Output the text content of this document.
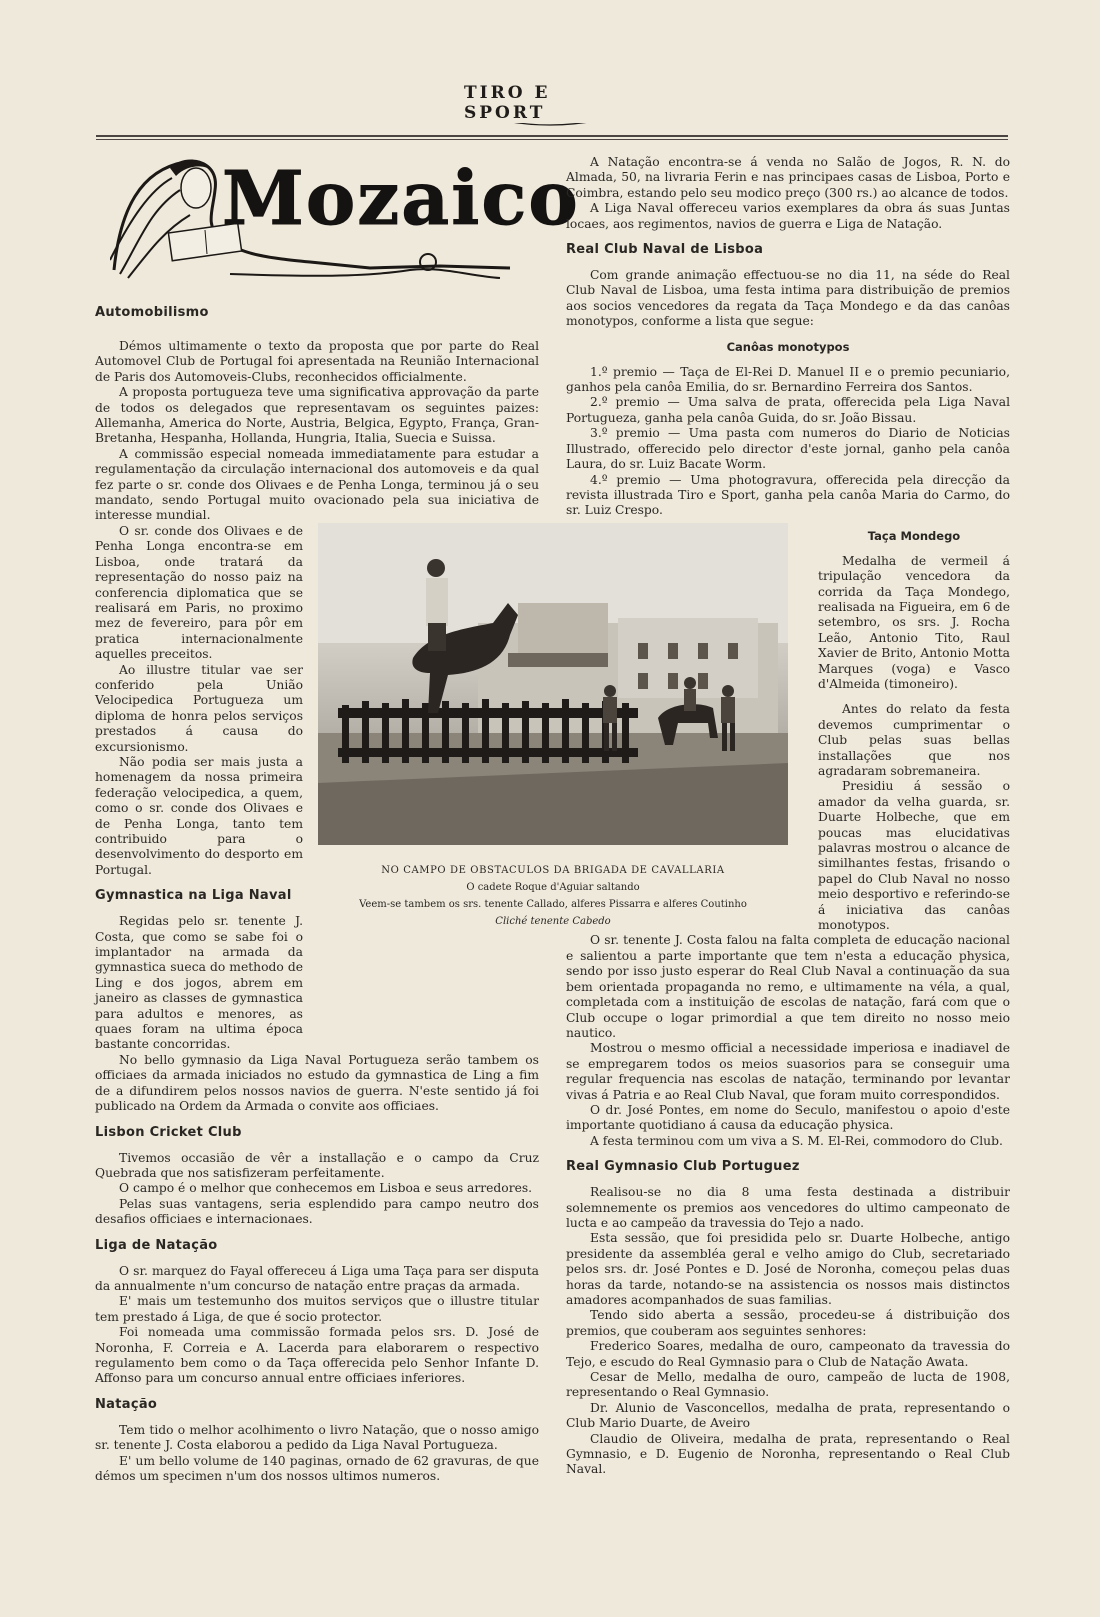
TIRO E SPORT
Mozaico
Automobilismo

Démos ultimamente o texto da proposta que por parte do Real Automovel Club de Portugal foi apresentada na Reunião Internacional de Paris dos Automoveis-Clubs, reconhecidos officialmente.

A proposta portugueza teve uma significativa approvação da parte de todos os delegados que representavam os seguintes paizes: Allemanha, America do Norte, Austria, Belgica, Egypto, França, Gran-Bretanha, Hespanha, Hollanda, Hungria, Italia, Suecia e Suissa.

A commissão especial nomeada immediatamente para estudar a regulamentação da circulação internacional dos automoveis e da qual fez parte o sr. conde dos Olivaes e de Penha Longa, terminou já o seu mandato, sendo Portugal muito ovacionado pela sua iniciativa de interesse mundial.

O sr. conde dos Olivaes e de Penha Longa encontra-se em Lisboa, onde tratará da representação do nosso paiz na conferencia diplomatica que se realisará em Paris, no proximo mez de fevereiro, para pôr em pratica internacionalmente aquelles preceitos.

Ao illustre titular vae ser conferido pela União Velocipedica Portugueza um diploma de honra pelos serviços prestados á causa do excursionismo.

Não podia ser mais justa a homenagem da nossa primeira federação velocipedica, a quem, como o sr. conde dos Olivaes e de Penha Longa, tanto tem contribuido para o desenvolvimento do desporto em Portugal.

Gymnastica na Liga Naval

Regidas pelo sr. tenente J. Costa, que como se sabe foi o implantador na armada da gymnastica sueca do methodo de Ling e dos jogos, abrem em janeiro as classes de gymnastica para adultos e menores, as quaes foram na ultima época bastante concorridas.

No bello gymnasio da Liga Naval Portugueza serão tambem os officiaes da armada iniciados no estudo da gymnastica de Ling a fim de a difundirem pelos nossos navios de guerra. N'este sentido já foi publicado na Ordem da Armada o convite aos officiaes.

Lisbon Cricket Club

Tivemos occasião de vêr a installação e o campo da Cruz Quebrada que nos satisfizeram perfeitamente.

O campo é o melhor que conhecemos em Lisboa e seus arredores.

Pelas suas vantagens, seria esplendido para campo neutro dos desafios officiaes e internacionaes.

Liga de Natação

O sr. marquez do Fayal offereceu á Liga uma Taça para ser disputa da annualmente n'um concurso de natação entre praças da armada.

E' mais um testemunho dos muitos serviços que o illustre titular tem prestado á Liga, de que é socio protector.

Foi nomeada uma commissão formada pelos srs. D. José de Noronha, F. Correia e A. Lacerda para elaborarem o respectivo regulamento bem como o da Taça offerecida pelo Senhor Infante D. Affonso para um concurso annual entre officiaes inferiores.

Natação

Tem tido o melhor acolhimento o livro Natação, que o nosso amigo sr. tenente J. Costa elaborou a pedido da Liga Naval Portugueza.

E' um bello volume de 140 paginas, ornado de 62 gravuras, de que démos um specimen n'um dos nossos ultimos numeros.

NO CAMPO DE OBSTACULOS DA BRIGADA DE CAVALLARIA
O cadete Roque d'Aguiar saltando
Veem-se tambem os srs. tenente Callado, alferes Pissarra e alferes Coutinho
Cliché tenente Cabedo

A Natação encontra-se á venda no Salão de Jogos, R. N. do Almada, 50, na livraria Ferin e nas principaes casas de Lisboa, Porto e Coimbra, estando pelo seu modico preço (300 rs.) ao alcance de todos.

A Liga Naval offereceu varios exemplares da obra ás suas Juntas locaes, aos regimentos, navios de guerra e Liga de Natação.

Real Club Naval de Lisboa

Com grande animação effectuou-se no dia 11, na séde do Real Club Naval de Lisboa, uma festa intima para distribuição de premios aos socios vencedores da regata da Taça Mondego e da das canôas monotypos, conforme a lista que segue:

Canôas monotypos

1.º premio — Taça de El-Rei D. Manuel II e o premio pecuniario, ganhos pela canôa Emilia, do sr. Bernardino Ferreira dos Santos.

2.º premio — Uma salva de prata, offerecida pela Liga Naval Portugueza, ganha pela canôa Guida, do sr. João Bissau.

3.º premio — Uma pasta com numeros do Diario de Noticias Illustrado, offerecido pelo director d'este jornal, ganho pela canôa Laura, do sr. Luiz Bacate Worm.

4.º premio — Uma photogravura, offerecida pela direcção da revista illustrada Tiro e Sport, ganha pela canôa Maria do Carmo, do sr. Luiz Crespo.

Taça Mondego

Medalha de vermeil á tripulação vencedora da corrida da Taça Mondego, realisada na Figueira, em 6 de setembro, os srs. J. Rocha Leão, Antonio Tito, Raul Xavier de Brito, Antonio Motta Marques (voga) e Vasco d'Almeida (timoneiro).

Antes do relato da festa devemos cumprimentar o Club pelas suas bellas installações que nos agradaram sobremaneira.

Presidiu á sessão o amador da velha guarda, sr. Duarte Holbeche, que em poucas mas elucidativas palavras mostrou o alcance de similhantes festas, frisando o papel do Club Naval no nosso meio desportivo e referindo-se á iniciativa das canôas monotypos.

O sr. tenente J. Costa falou na falta completa de educação nacional e salientou a parte importante que tem n'esta a educação physica, sendo por isso justo esperar do Real Club Naval a continuação da sua bem orientada propaganda no remo, e ultimamente na véla, a qual, completada com a instituição de escolas de natação, fará com que o Club occupe o logar primordial a que tem direito no nosso meio nautico.

Mostrou o mesmo official a necessidade imperiosa e inadiavel de se empregarem todos os meios suasorios para se conseguir uma regular frequencia nas escolas de natação, terminando por levantar vivas á Patria e ao Real Club Naval, que foram muito correspondidos.

O dr. José Pontes, em nome do Seculo, manifestou o apoio d'este importante quotidiano á causa da educação physica.

A festa terminou com um viva a S. M. El-Rei, commodoro do Club.

Real Gymnasio Club Portuguez

Realisou-se no dia 8 uma festa destinada a distribuir solemnemente os premios aos vencedores do ultimo campeonato de lucta e ao campeão da travessia do Tejo a nado.

Esta sessão, que foi presidida pelo sr. Duarte Holbeche, antigo presidente da assembléa geral e velho amigo do Club, secretariado pelos srs. dr. José Pontes e D. José de Noronha, começou pelas duas horas da tarde, notando-se na assistencia os nossos mais distinctos amadores acompanhados de suas familias.

Tendo sido aberta a sessão, procedeu-se á distribuição dos premios, que couberam aos seguintes senhores:

Frederico Soares, medalha de ouro, campeonato da travessia do Tejo, e escudo do Real Gymnasio para o Club de Natação Awata.

Cesar de Mello, medalha de ouro, campeão de lucta de 1908, representando o Real Gymnasio.

Dr. Alunio de Vasconcellos, medalha de prata, representando o Club Mario Duarte, de Aveiro

Claudio de Oliveira, medalha de prata, representando o Real Gymnasio, e D. Eugenio de Noronha, representando o Real Club Naval.
